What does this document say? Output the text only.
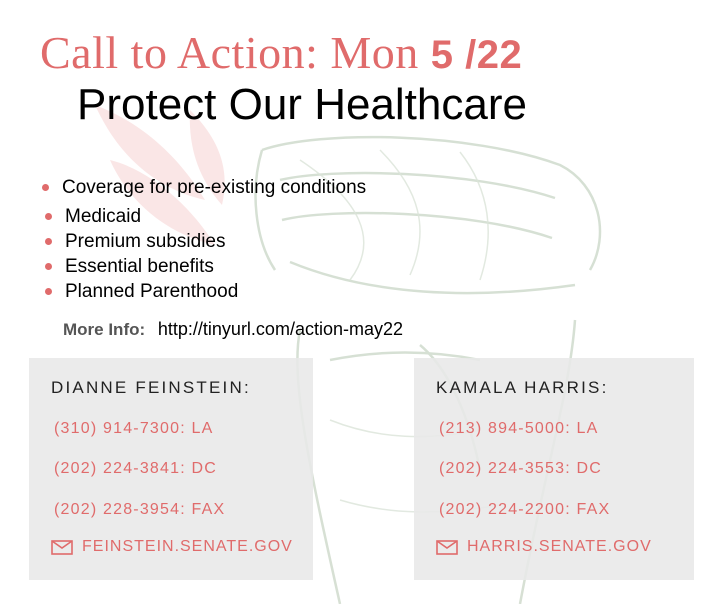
Call to Action: Mon 5 /22
Protect Our Healthcare
Coverage for pre-existing conditions
Medicaid
Premium subsidies
Essential benefits
Planned Parenthood
More Info: http://tinyurl.com/action-may22
DIANNE FEINSTEIN:
(310) 914-7300: LA
(202) 224-3841: DC
(202) 228-3954: FAX
FEINSTEIN.SENATE.GOV
KAMALA HARRIS:
(213) 894-5000: LA
(202) 224-3553: DC
(202) 224-2200: FAX
HARRIS.SENATE.GOV
